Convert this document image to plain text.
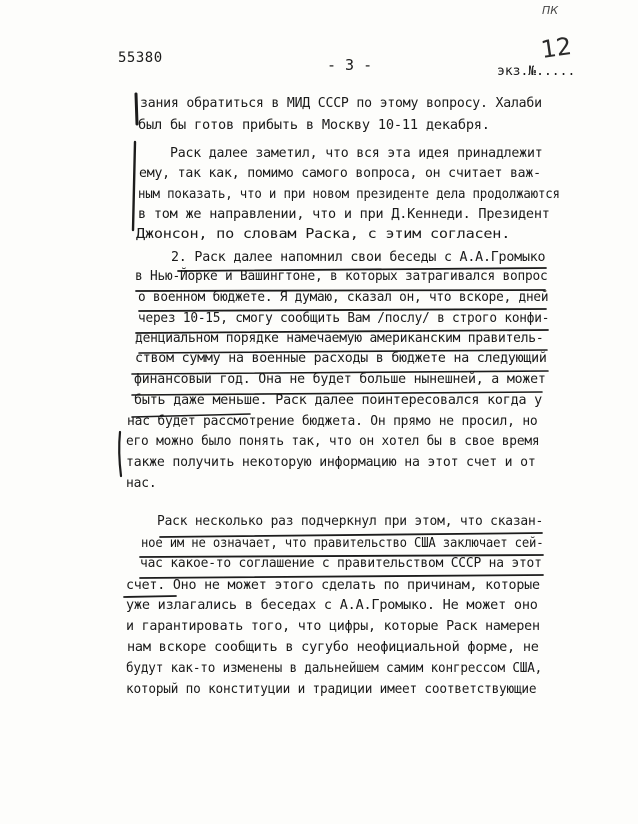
ПК
55380	- 3 -
12
экз.№.....
зания обратиться в МИД СССР по этому вопросу. Халаби
был бы готов прибыть в Москву 10-11 декабря.
Раск далее заметил, что вся эта идея принадлежит
ему, так как, помимо самого вопроса, он считает важ-
ным показать, что и при новом президенте дела продолжаются
в том же направлении, что и при Д.Кеннеди. Президент
Джонсон, по словам Раска, с этим согласен.
2. Раск далее напомнил свои беседы с А.А.Громыко
в Нью-Йорке и Вашингтоне, в которых затрагивался вопрос
о военном бюджете. Я думаю, сказал он, что вскоре, дней
через 10-15, смогу сообщить Вам /послу/ в строго конфи-
денциальном порядке намечаемую американским правитель-
ством сумму на военные расходы в бюджете на следующий
финансовый год. Она не будет больше нынешней, а может
быть даже меньше. Раск далее поинтересовался когда у
нас будет рассмотрение бюджета. Он прямо не просил, но
его можно было понять так, что он хотел бы в свое время
также получить некоторую информацию на этот счет и от
нас.
Раск несколько раз подчеркнул при этом, что сказан-
ное им не означает, что правительство США заключает сей-
час какое-то соглашение с правительством СССР на этот
счет. Оно не может этого сделать по причинам, которые
уже излагались в беседах с А.А.Громыко. Не может оно
и гарантировать того, что цифры, которые Раск намерен
нам вскоре сообщить в сугубо неофициальной форме, не
будут как-то изменены в дальнейшем самим конгрессом США,
который по конституции и традиции имеет соответствующие
